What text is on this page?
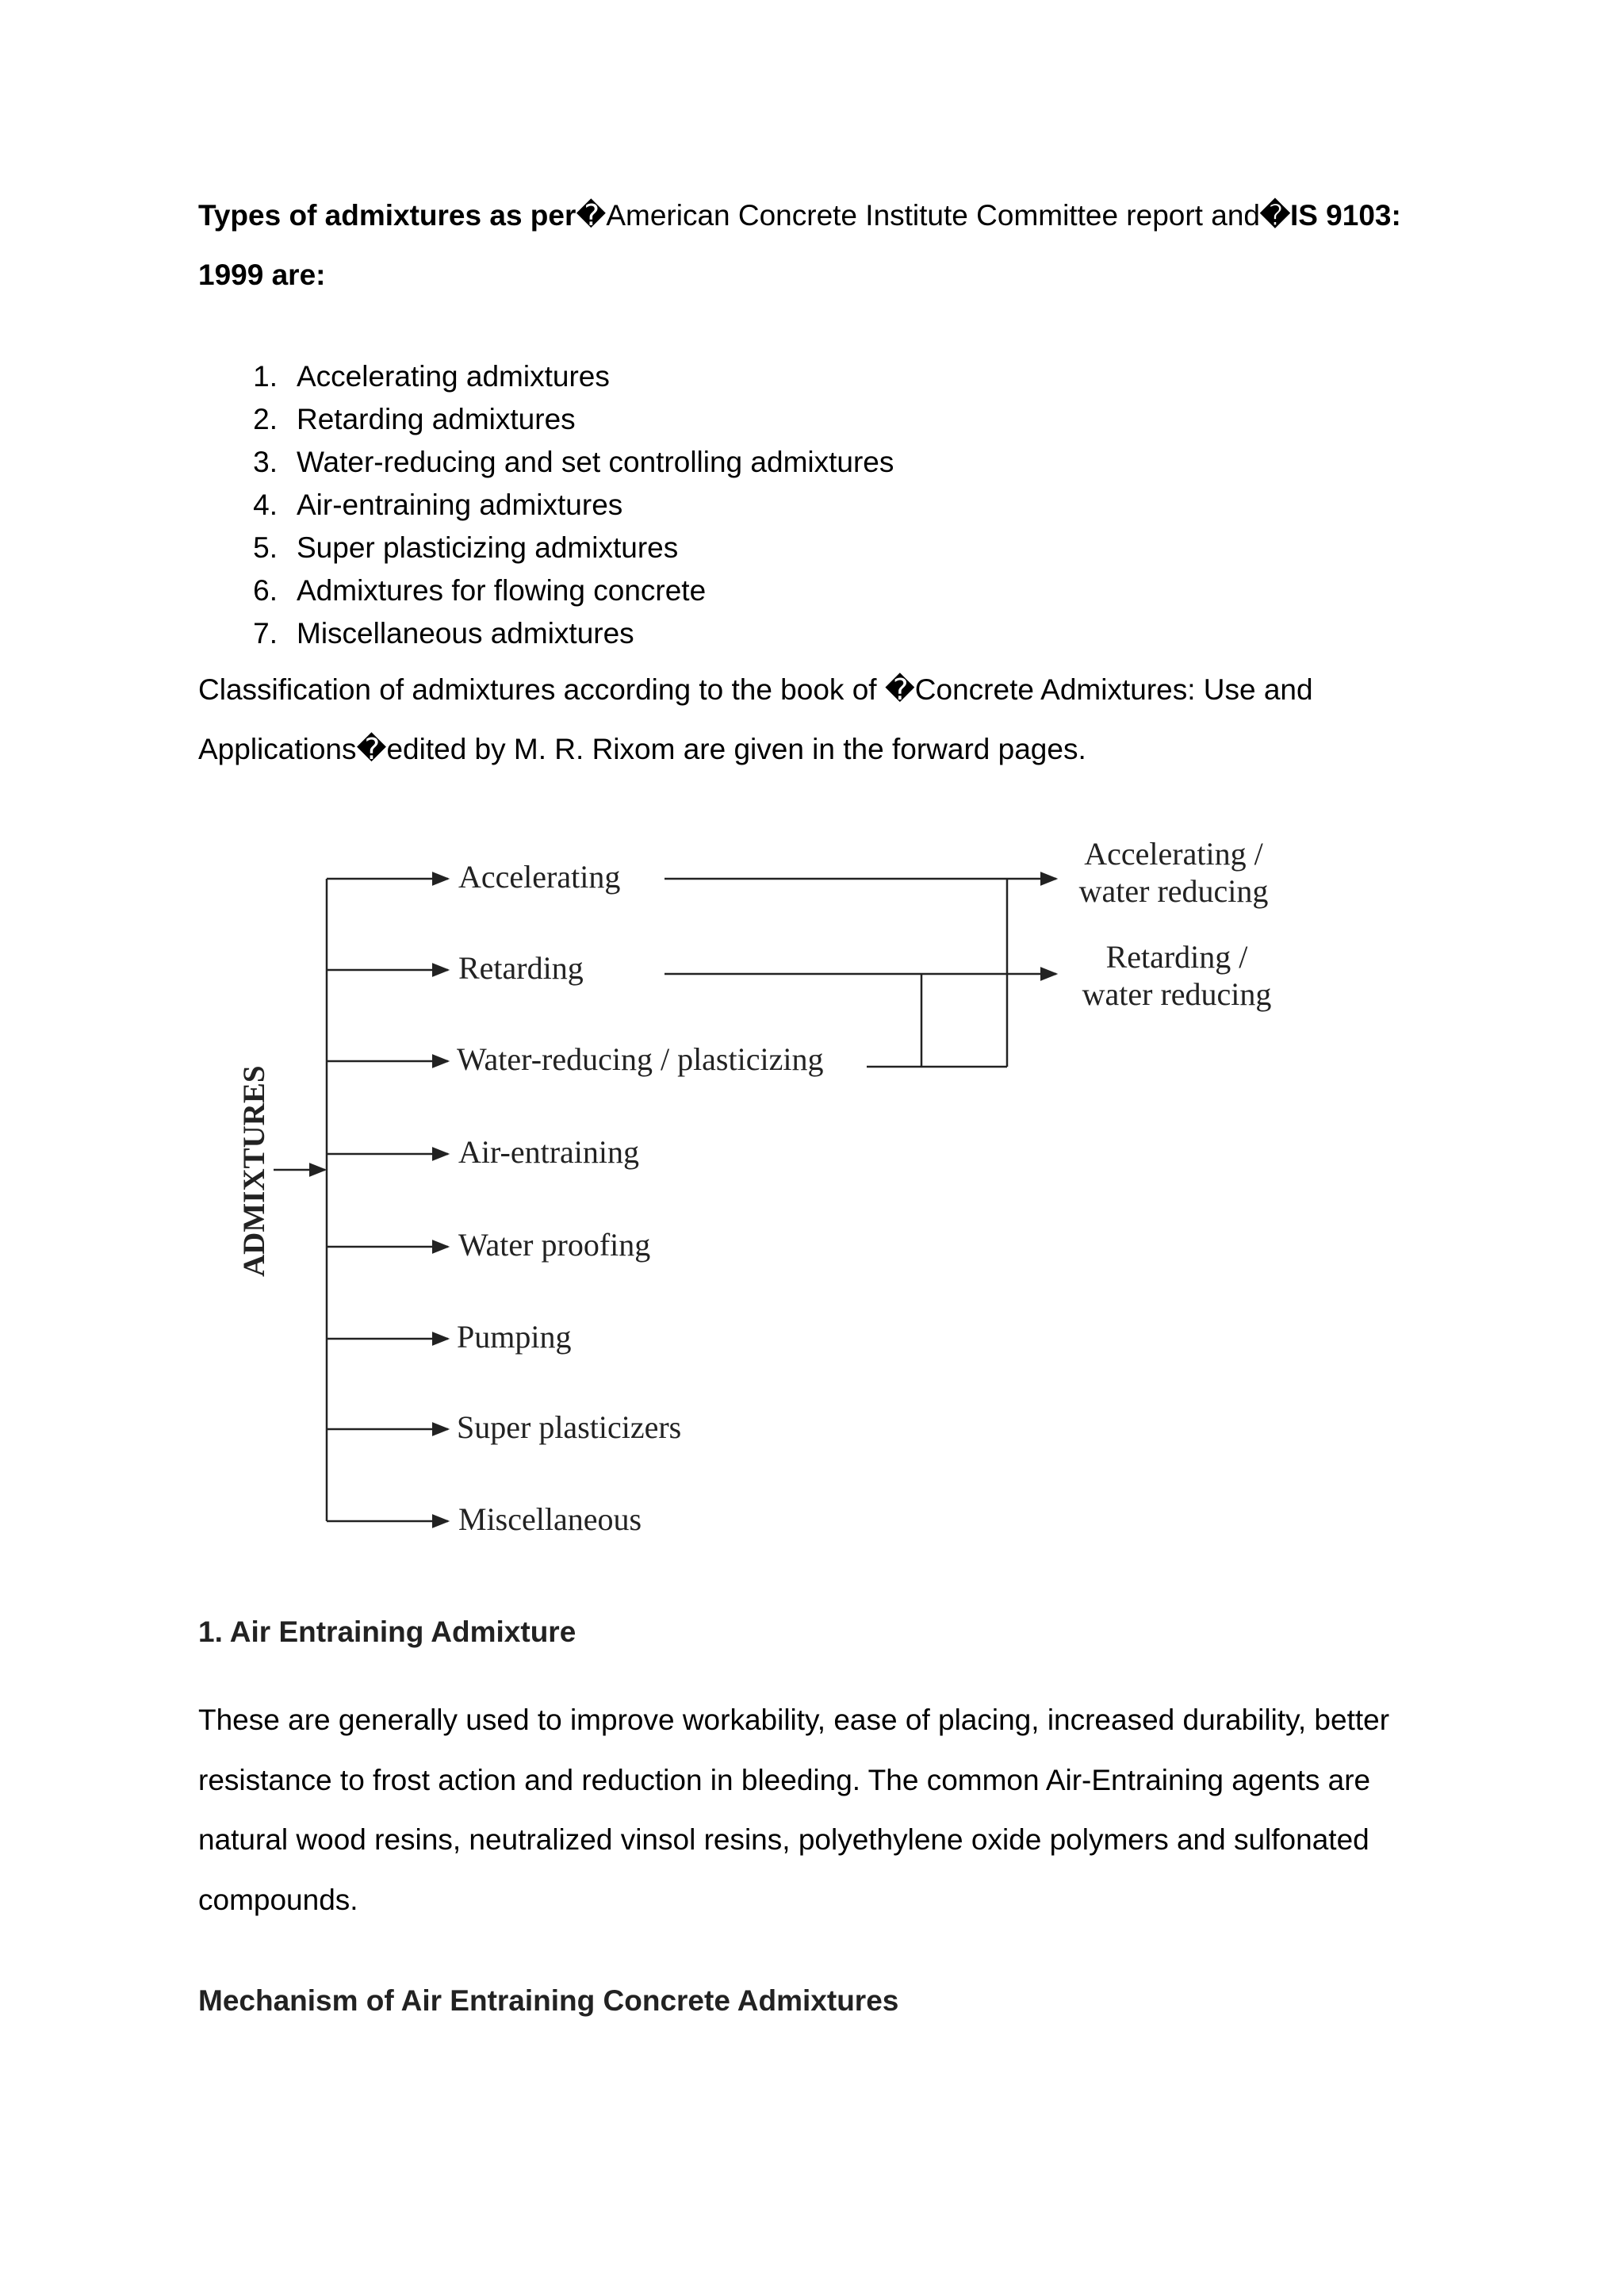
Types of admixtures as per�American Concrete Institute Committee report and�IS 9103:
1999 are:
1. Accelerating admixtures
2. Retarding admixtures
3. Water-reducing and set controlling admixtures
4. Air-entraining admixtures
5. Super plasticizing admixtures
6. Admixtures for flowing concrete
7. Miscellaneous admixtures
Classification of admixtures according to the book of �Concrete Admixtures: Use and
Applications�edited by M. R. Rixom are given in the forward pages.
ADMIXTURES
Accelerating
Retarding
Water-reducing / plasticizing
Air-entraining
Water proofing
Pumping
Super plasticizers
Miscellaneous
Accelerating /
water reducing
Retarding /
water reducing
1. Air Entraining Admixture
These are generally used to improve workability, ease of placing, increased durability, better resistance to frost action and reduction in bleeding. The common Air-Entraining agents are natural wood resins, neutralized vinsol resins, polyethylene oxide polymers and sulfonated compounds.
Mechanism of Air Entraining Concrete Admixtures
